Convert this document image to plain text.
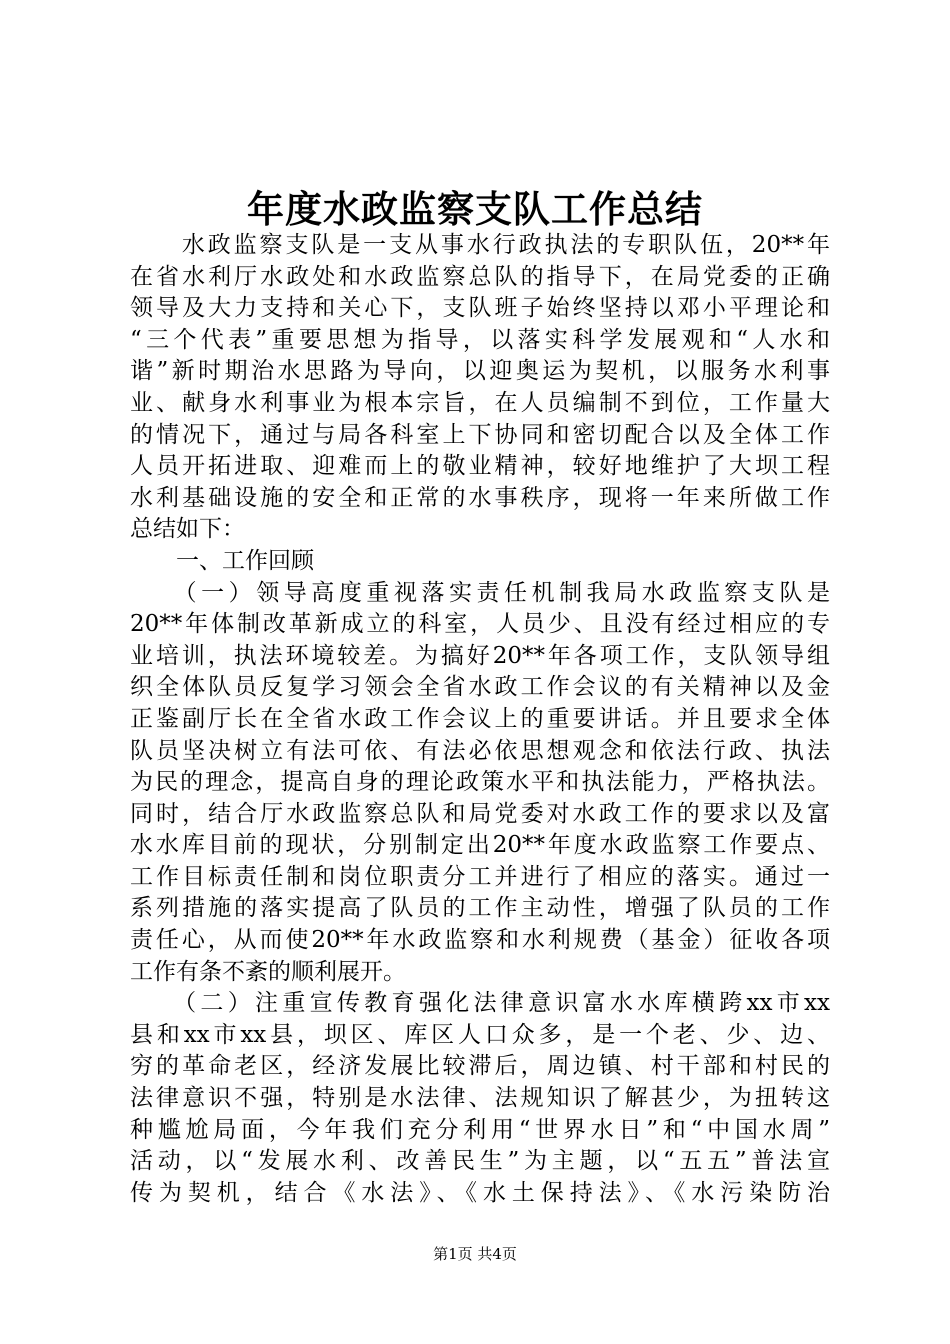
年度水政监察支队工作总结
　　水政监察支队是一支从事水行政执法的专职队伍，20**年
在省水利厅水政处和水政监察总队的指导下，在局党委的正确
领导及大力支持和关心下，支队班子始终坚持以邓小平理论和
“三个代表”重要思想为指导，以落实科学发展观和“人水和
谐”新时期治水思路为导向，以迎奥运为契机，以服务水利事
业、献身水利事业为根本宗旨，在人员编制不到位，工作量大
的情况下，通过与局各科室上下协同和密切配合以及全体工作
人员开拓进取、迎难而上的敬业精神，较好地维护了大坝工程
水利基础设施的安全和正常的水事秩序，现将一年来所做工作
总结如下：
　　一、工作回顾
　　（一）领导高度重视落实责任机制我局水政监察支队是
20**年体制改革新成立的科室，人员少、且没有经过相应的专
业培训，执法环境较差。为搞好20**年各项工作，支队领导组
织全体队员反复学习领会全省水政工作会议的有关精神以及金
正鉴副厅长在全省水政工作会议上的重要讲话。并且要求全体
队员坚决树立有法可依、有法必依思想观念和依法行政、执法
为民的理念，提高自身的理论政策水平和执法能力，严格执法。
同时，结合厅水政监察总队和局党委对水政工作的要求以及富
水水库目前的现状，分别制定出20**年度水政监察工作要点、
工作目标责任制和岗位职责分工并进行了相应的落实。通过一
系列措施的落实提高了队员的工作主动性，增强了队员的工作
责任心，从而使20**年水政监察和水利规费（基金）征收各项
工作有条不紊的顺利展开。
　　（二）注重宣传教育强化法律意识富水水库横跨xx市xx
县和xx市xx县，坝区、库区人口众多，是一个老、少、边、
穷的革命老区，经济发展比较滞后，周边镇、村干部和村民的
法律意识不强，特别是水法律、法规知识了解甚少，为扭转这
种尴尬局面，今年我们充分利用“世界水日”和“中国水周”
活动，以“发展水利、改善民生”为主题，以“五五”普法宣
传为契机，结合《水法》、《水土保持法》、《水污染防治
第1页 共4页
